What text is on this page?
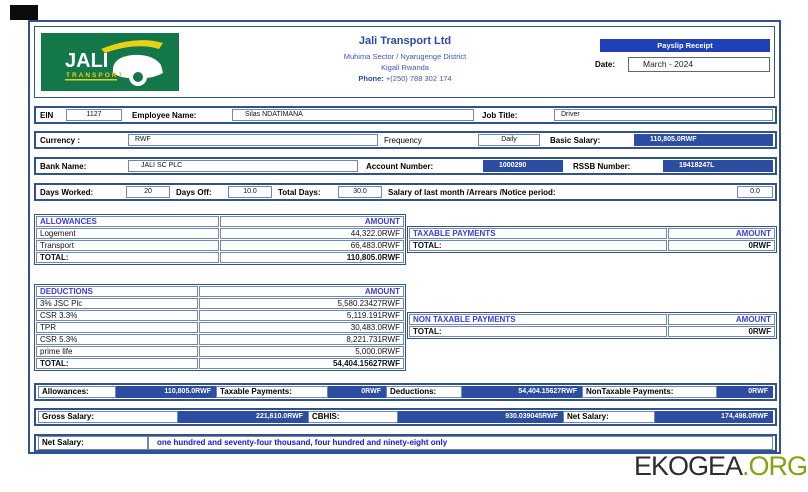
JALI
TRANSPORT
Jali Transport Ltd
Muhima Sector / Nyarugenge District
Kigali Rwanda
Phone: +(250) 788 302 174
Payslip Receipt
Date:	March - 2024
EIN	1127	Employee Name:	Silas NDATIMANA	Job Title:	Driver
Currency :	RWF	Frequency	Daily	Basic Salary:	110,805.0RWF
Bank Name:	JALI SC PLC	Account Number:	1000290	RSSB Number:	19418247L
Days Worked:	20	Days Off:	10.0	Total Days:	30.0	Salary of last month /Arrears /Notice period:	0.0
ALLOWANCES	AMOUNT
Logement	44,322.0RWF
Transport	66,483.0RWF
TOTAL:	110,805.0RWF
TAXABLE PAYMENTS	AMOUNT
TOTAL:	0RWF
DEDUCTIONS	AMOUNT
3% JSC Plc	5,580.23427RWF
CSR 3.3%	5,119.191RWF
TPR	30,483.0RWF
CSR 5.3%	8,221.731RWF
prime life	5,000.0RWF
TOTAL:	54,404.15627RWF
NON TAXABLE PAYMENTS	AMOUNT
TOTAL:	0RWF
Allowances:	110,805.0RWF	Taxable Payments:	0RWF	Deductions:	54,404.15627RWF	NonTaxable Payments:	0RWF
Gross Salary:	221,610.0RWF	CBHIS:	930.039045RWF	Net Salary:	174,498.0RWF
Net Salary:	one hundred and seventy-four thousand, four hundred and ninety-eight only
EKOGEA.ORG
